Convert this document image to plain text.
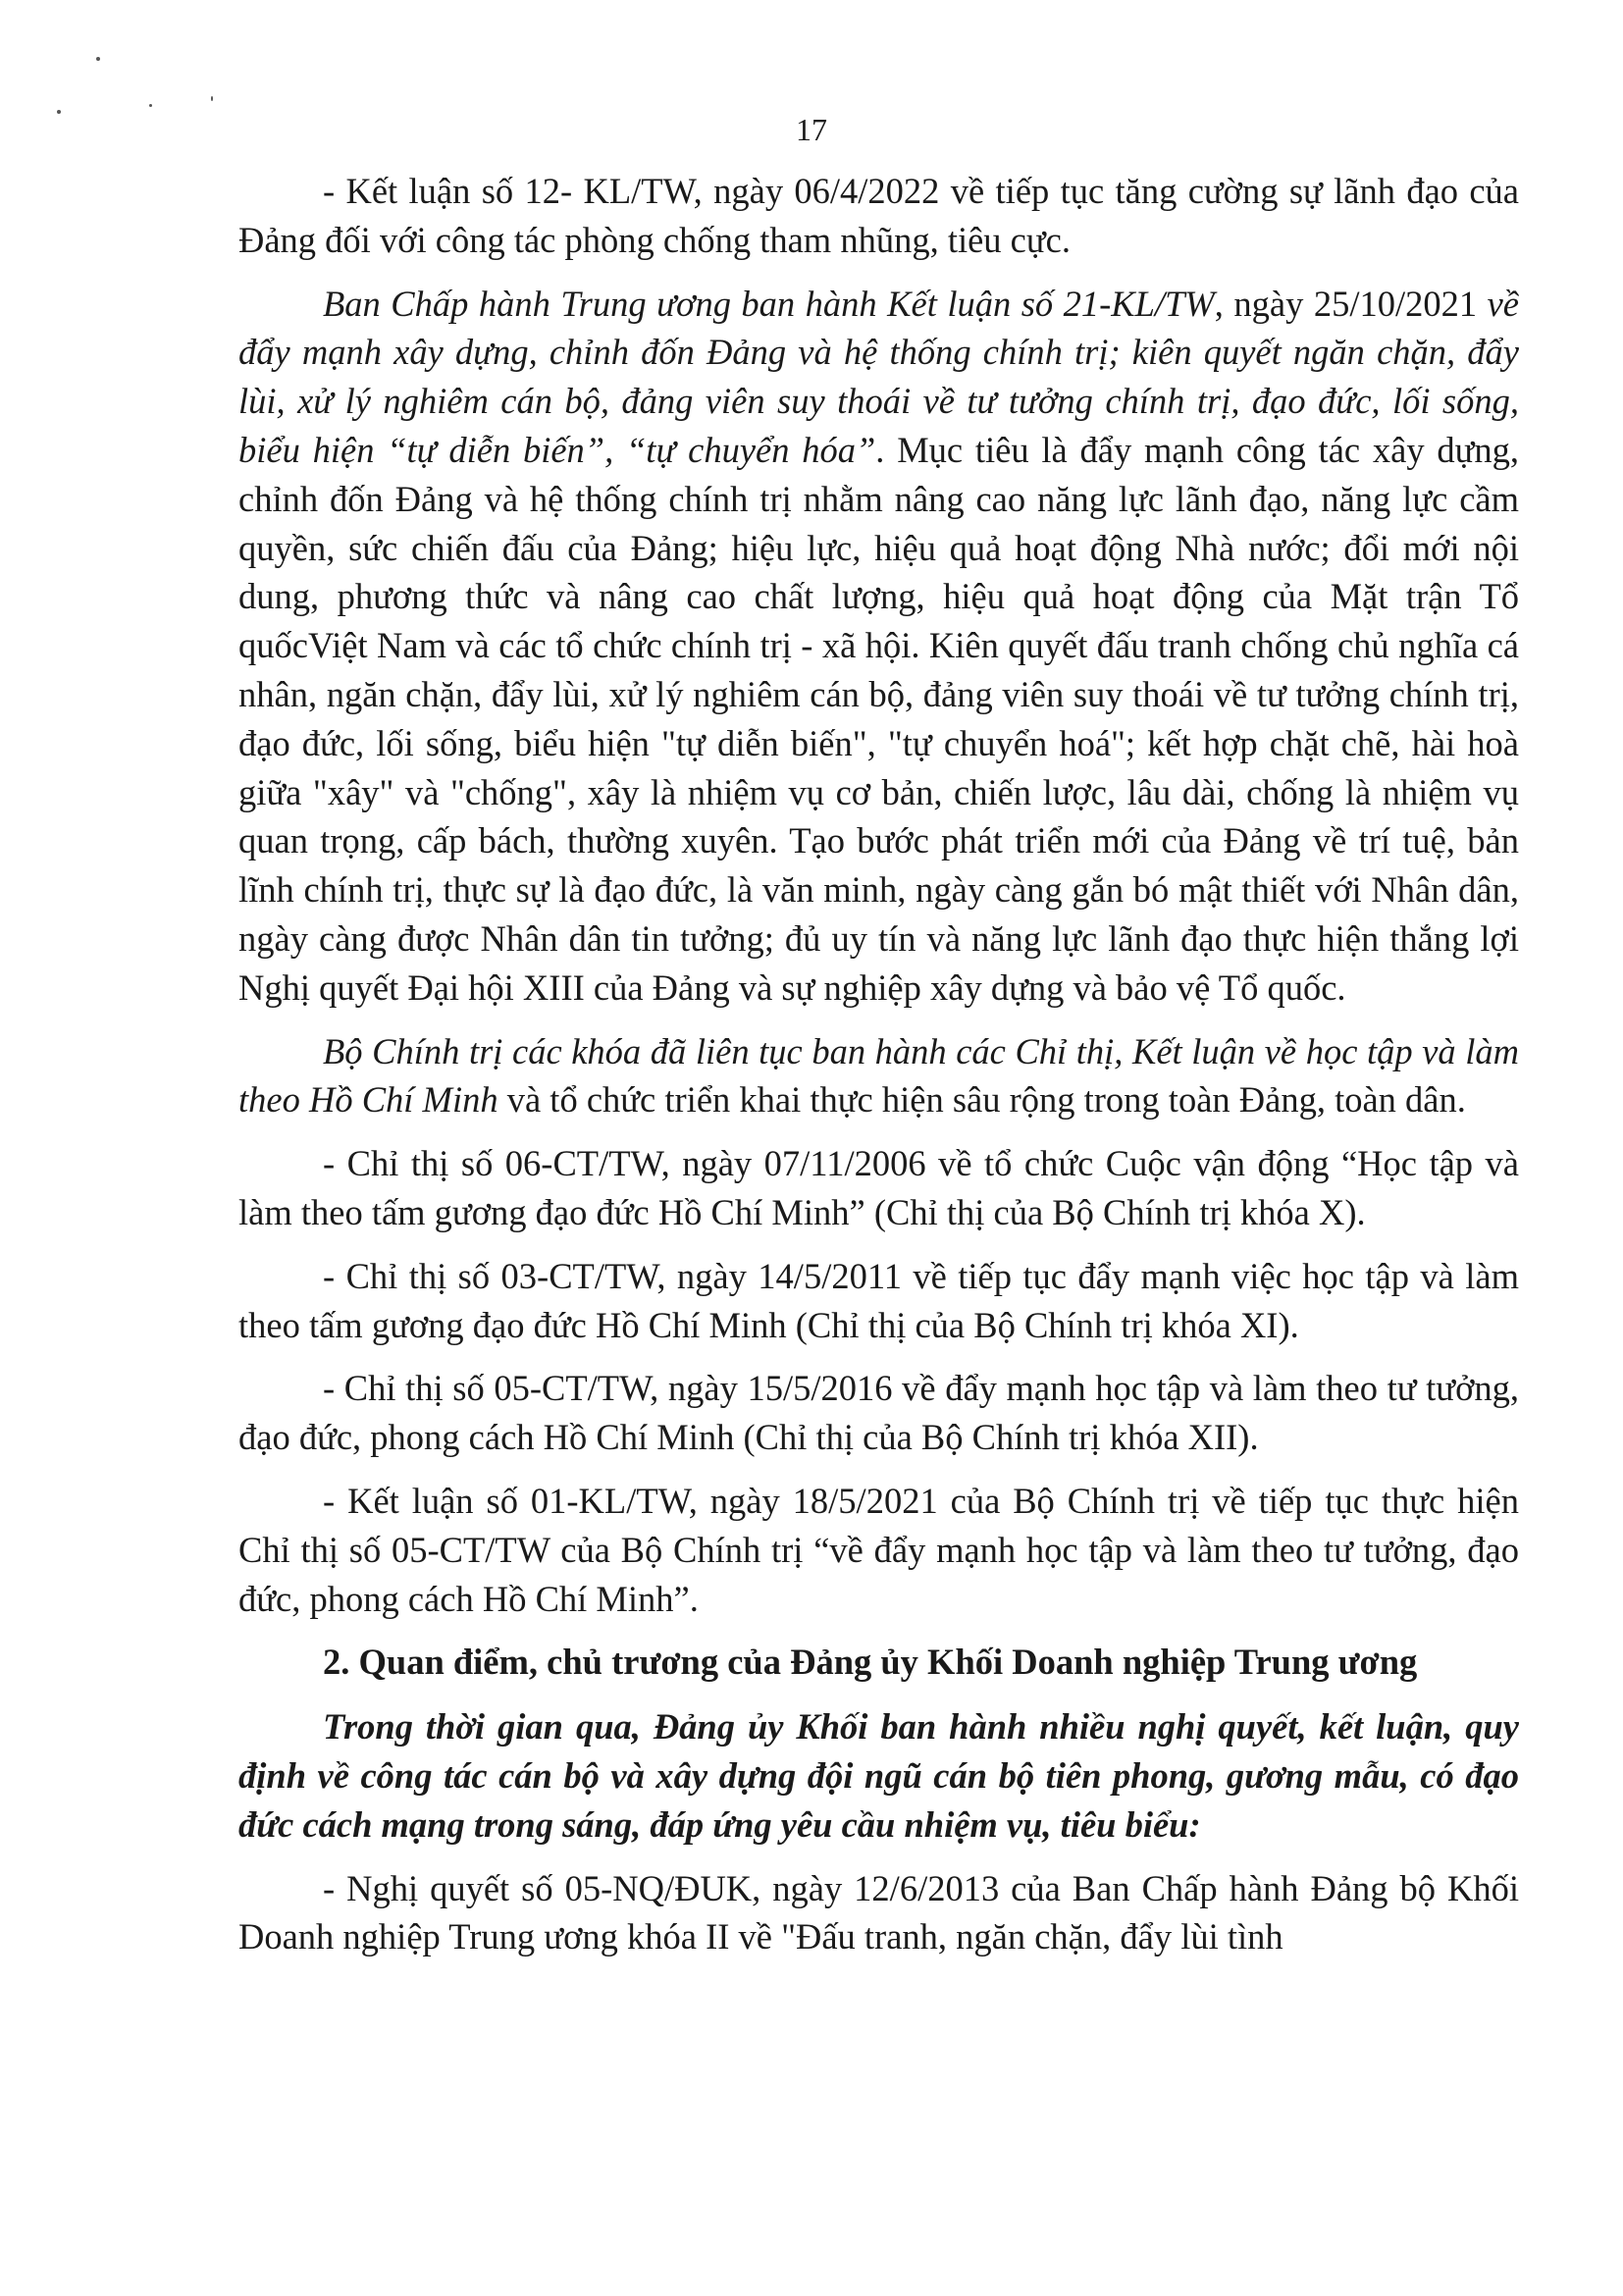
17

- Kết luận số 12- KL/TW, ngày 06/4/2022 về tiếp tục tăng cường sự lãnh đạo của Đảng đối với công tác phòng chống tham nhũng, tiêu cực.

Ban Chấp hành Trung ương ban hành Kết luận số 21-KL/TW, ngày 25/10/2021 về đẩy mạnh xây dựng, chỉnh đốn Đảng và hệ thống chính trị; kiên quyết ngăn chặn, đẩy lùi, xử lý nghiêm cán bộ, đảng viên suy thoái về tư tưởng chính trị, đạo đức, lối sống, biểu hiện “tự diễn biến”, “tự chuyển hóa”. Mục tiêu là đẩy mạnh công tác xây dựng, chỉnh đốn Đảng và hệ thống chính trị nhằm nâng cao năng lực lãnh đạo, năng lực cầm quyền, sức chiến đấu của Đảng; hiệu lực, hiệu quả hoạt động Nhà nước; đổi mới nội dung, phương thức và nâng cao chất lượng, hiệu quả hoạt động của Mặt trận Tổ quốcViệt Nam và các tổ chức chính trị - xã hội. Kiên quyết đấu tranh chống chủ nghĩa cá nhân, ngăn chặn, đẩy lùi, xử lý nghiêm cán bộ, đảng viên suy thoái về tư tưởng chính trị, đạo đức, lối sống, biểu hiện "tự diễn biến", "tự chuyển hoá"; kết hợp chặt chẽ, hài hoà giữa "xây" và "chống", xây là nhiệm vụ cơ bản, chiến lược, lâu dài, chống là nhiệm vụ quan trọng, cấp bách, thường xuyên. Tạo bước phát triển mới của Đảng về trí tuệ, bản lĩnh chính trị, thực sự là đạo đức, là văn minh, ngày càng gắn bó mật thiết với Nhân dân, ngày càng được Nhân dân tin tưởng; đủ uy tín và năng lực lãnh đạo thực hiện thắng lợi Nghị quyết Đại hội XIII của Đảng và sự nghiệp xây dựng và bảo vệ Tổ quốc.

Bộ Chính trị các khóa đã liên tục ban hành các Chỉ thị, Kết luận về học tập và làm theo Hồ Chí Minh và tổ chức triển khai thực hiện sâu rộng trong toàn Đảng, toàn dân.

- Chỉ thị số 06-CT/TW, ngày 07/11/2006 về tổ chức Cuộc vận động “Học tập và làm theo tấm gương đạo đức Hồ Chí Minh” (Chỉ thị của Bộ Chính trị khóa X).

- Chỉ thị số 03-CT/TW, ngày 14/5/2011 về tiếp tục đẩy mạnh việc học tập và làm theo tấm gương đạo đức Hồ Chí Minh (Chỉ thị của Bộ Chính trị khóa XI).

- Chỉ thị số 05-CT/TW, ngày 15/5/2016 về đẩy mạnh học tập và làm theo tư tưởng, đạo đức, phong cách Hồ Chí Minh (Chỉ thị của Bộ Chính trị khóa XII).

- Kết luận số 01-KL/TW, ngày 18/5/2021 của Bộ Chính trị về tiếp tục thực hiện Chỉ thị số 05-CT/TW của Bộ Chính trị “về đẩy mạnh học tập và làm theo tư tưởng, đạo đức, phong cách Hồ Chí Minh”.

2. Quan điểm, chủ trương của Đảng ủy Khối Doanh nghiệp Trung ương

Trong thời gian qua, Đảng ủy Khối ban hành nhiều nghị quyết, kết luận, quy định về công tác cán bộ và xây dựng đội ngũ cán bộ tiên phong, gương mẫu, có đạo đức cách mạng trong sáng, đáp ứng yêu cầu nhiệm vụ, tiêu biểu:

- Nghị quyết số 05-NQ/ĐUK, ngày 12/6/2013 của Ban Chấp hành Đảng bộ Khối Doanh nghiệp Trung ương khóa II về "Đấu tranh, ngăn chặn, đẩy lùi tình
